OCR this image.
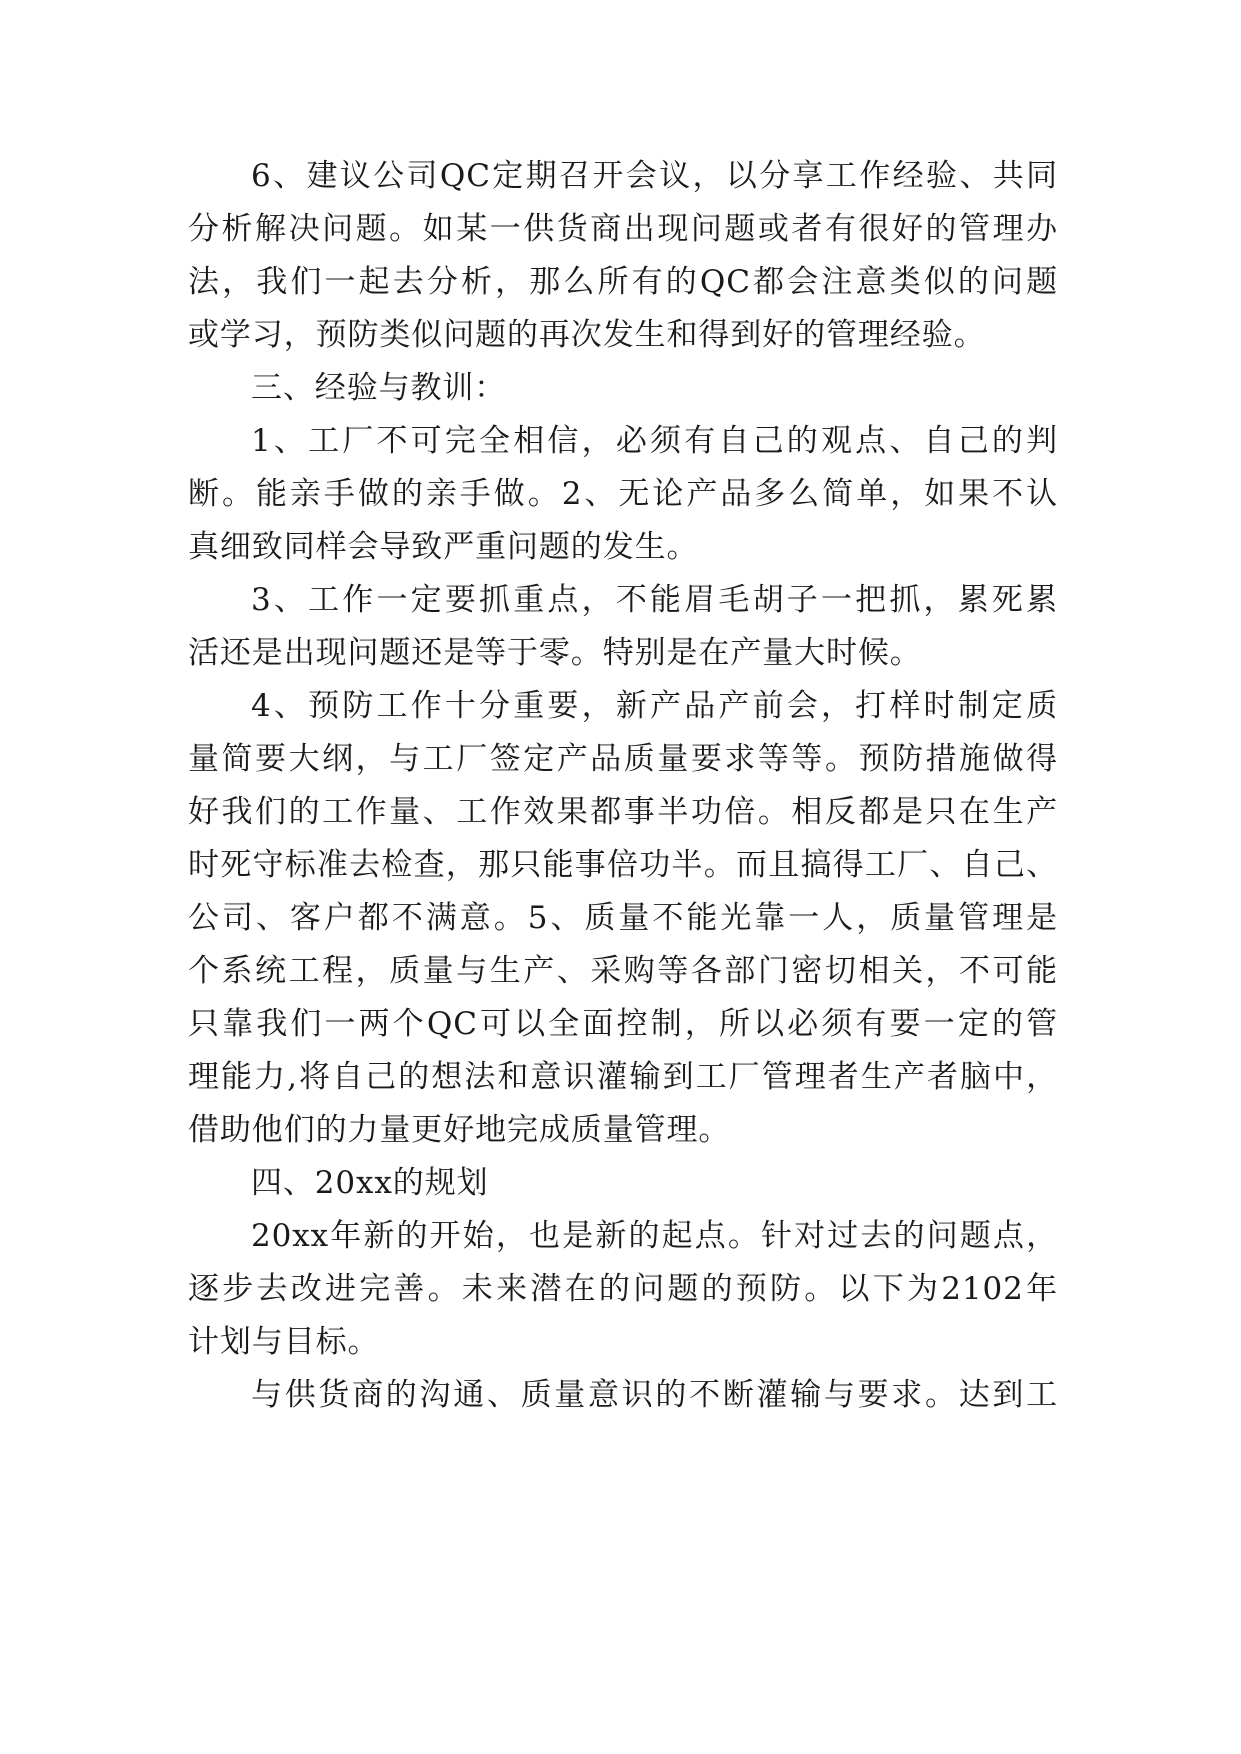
6、建议公司QC定期召开会议，以分享工作经验、共同
分析解决问题。如某一供货商出现问题或者有很好的管理办
法，我们一起去分析，那么所有的QC都会注意类似的问题
或学习，预防类似问题的再次发生和得到好的管理经验。
三、经验与教训：
1、工厂不可完全相信，必须有自己的观点、自己的判
断。能亲手做的亲手做。2、无论产品多么简单，如果不认
真细致同样会导致严重问题的发生。
3、工作一定要抓重点，不能眉毛胡子一把抓，累死累
活还是出现问题还是等于零。特别是在产量大时候。
4、预防工作十分重要，新产品产前会，打样时制定质
量简要大纲，与工厂签定产品质量要求等等。预防措施做得
好我们的工作量、工作效果都事半功倍。相反都是只在生产
时死守标准去检查，那只能事倍功半。而且搞得工厂、自己、
公司、客户都不满意。5、质量不能光靠一人，质量管理是
个系统工程，质量与生产、采购等各部门密切相关，不可能
只靠我们一两个QC可以全面控制，所以必须有要一定的管
理能力,将自己的想法和意识灌输到工厂管理者生产者脑中，
借助他们的力量更好地完成质量管理。
四、20xx的规划
20xx年新的开始，也是新的起点。针对过去的问题点，
逐步去改进完善。未来潜在的问题的预防。以下为2102年
计划与目标。
与供货商的沟通、质量意识的不断灌输与要求。达到工
